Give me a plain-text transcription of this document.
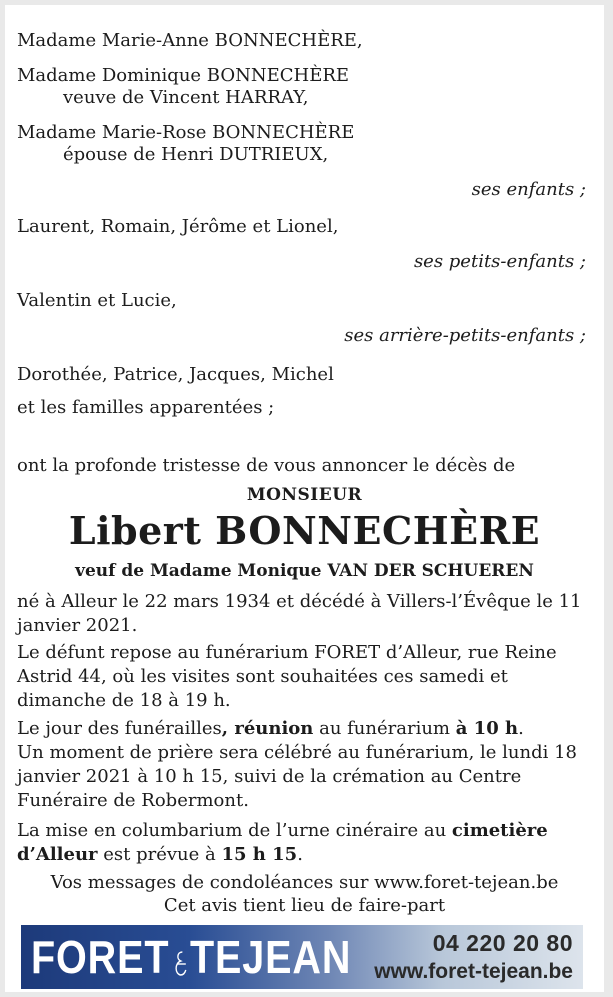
Madame Marie-Anne BONNECHÈRE,
Madame Dominique BONNECHÈRE
veuve de Vincent HARRAY,
Madame Marie-Rose BONNECHÈRE
épouse de Henri DUTRIEUX,
ses enfants ;
Laurent, Romain, Jérôme et Lionel,
ses petits-enfants ;
Valentin et Lucie,
ses arrière-petits-enfants ;
Dorothée, Patrice, Jacques, Michel
et les familles apparentées ;
ont la profonde tristesse de vous annoncer le décès de
MONSIEUR
Libert BONNECHÈRE
veuf de Madame Monique VAN DER SCHUEREN

né à Alleur le 22 mars 1934 et décédé à Villers-l’Évêque le 11 janvier 2021.

Le défunt repose au funérarium FORET d’Alleur, rue Reine Astrid 44, où les visites sont souhaitées ces samedi et dimanche de 18 à 19 h.

Le jour des funérailles, réunion au funérarium à 10 h.

Un moment de prière sera célébré au funérarium, le lundi 18 janvier 2021 à 10 h 15, suivi de la crémation au Centre Funéraire de Robermont.

La mise en columbarium de l’urne cinéraire au cimetière d’Alleur est prévue à 15 h 15.

Vos messages de condoléances sur www.foret-tejean.be
Cet avis tient lieu de faire-part
FORET TEJEAN	04 220 20 80
www.foret-tejean.be
